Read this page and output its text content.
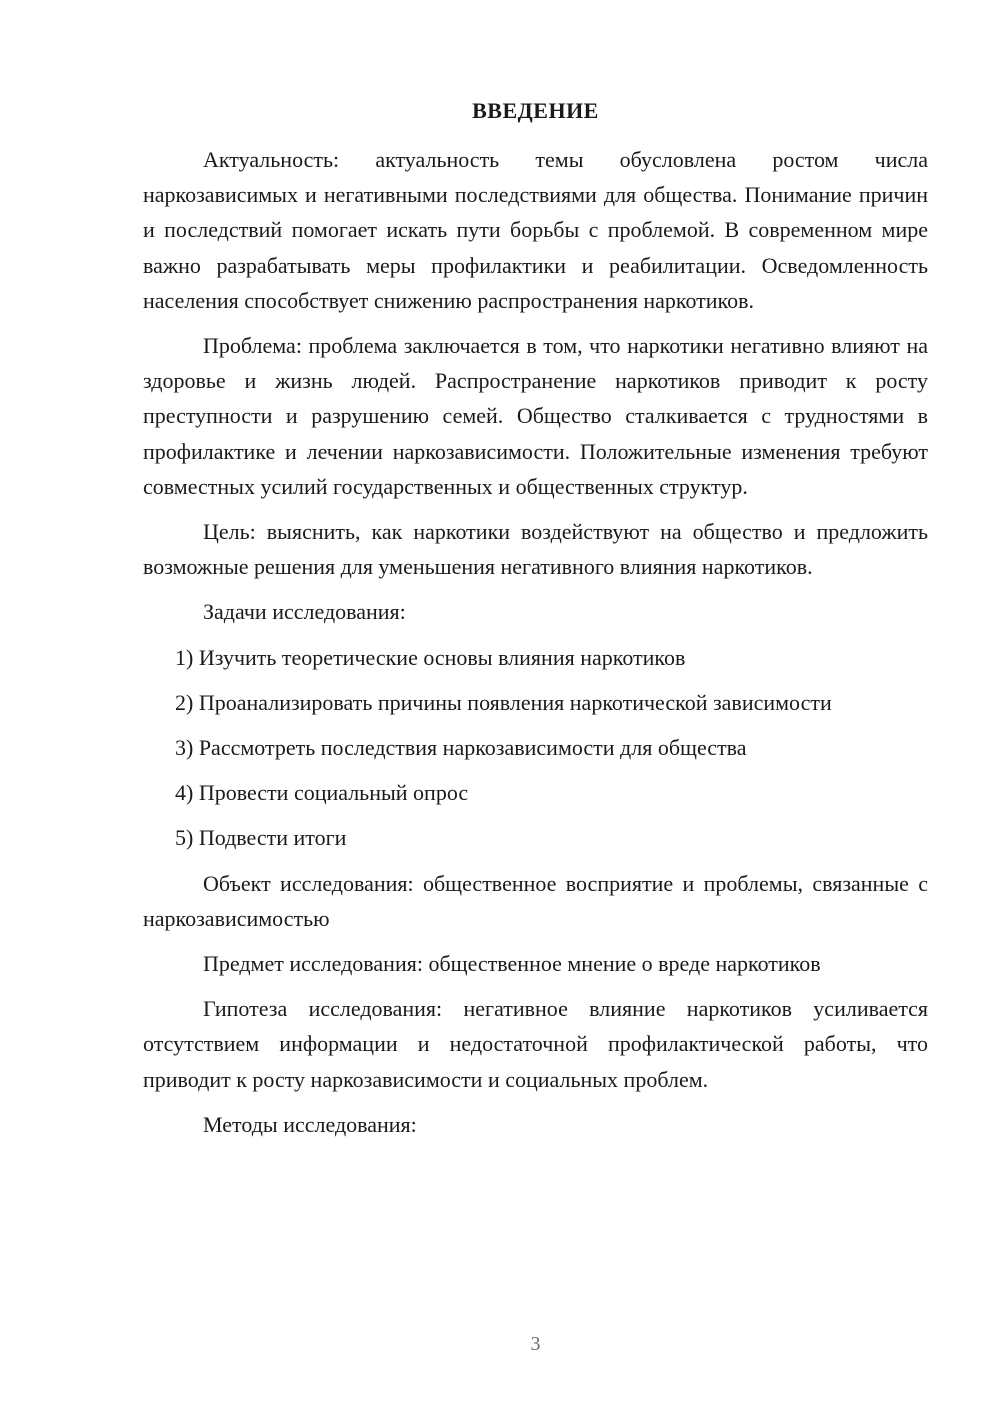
ВВЕДЕНИЕ

Актуальность: актуальность темы обусловлена ростом числа наркозависимых и негативными последствиями для общества. Понимание причин и последствий помогает искать пути борьбы с проблемой. В современном мире важно разрабатывать меры профилактики и реабилитации. Осведомленность населения способствует снижению распространения наркотиков.

Проблема: проблема заключается в том, что наркотики негативно влияют на здоровье и жизнь людей. Распространение наркотиков приводит к росту преступности и разрушению семей. Общество сталкивается с трудностями в профилактике и лечении наркозависимости. Положительные изменения требуют совместных усилий государственных и общественных структур.

Цель: выяснить, как наркотики воздействуют на общество и предложить возможные решения для уменьшения негативного влияния наркотиков.

Задачи исследования:

1) Изучить теоретические основы влияния наркотиков

2) Проанализировать причины появления наркотической зависимости

3) Рассмотреть последствия наркозависимости для общества

4) Провести социальный опрос

5) Подвести итоги

Объект исследования: общественное восприятие и проблемы, связанные с наркозависимостью

Предмет исследования: общественное мнение о вреде наркотиков

Гипотеза исследования: негативное влияние наркотиков усиливается отсутствием информации и недостаточной профилактической работы, что приводит к росту наркозависимости и социальных проблем.

Методы исследования:

3
